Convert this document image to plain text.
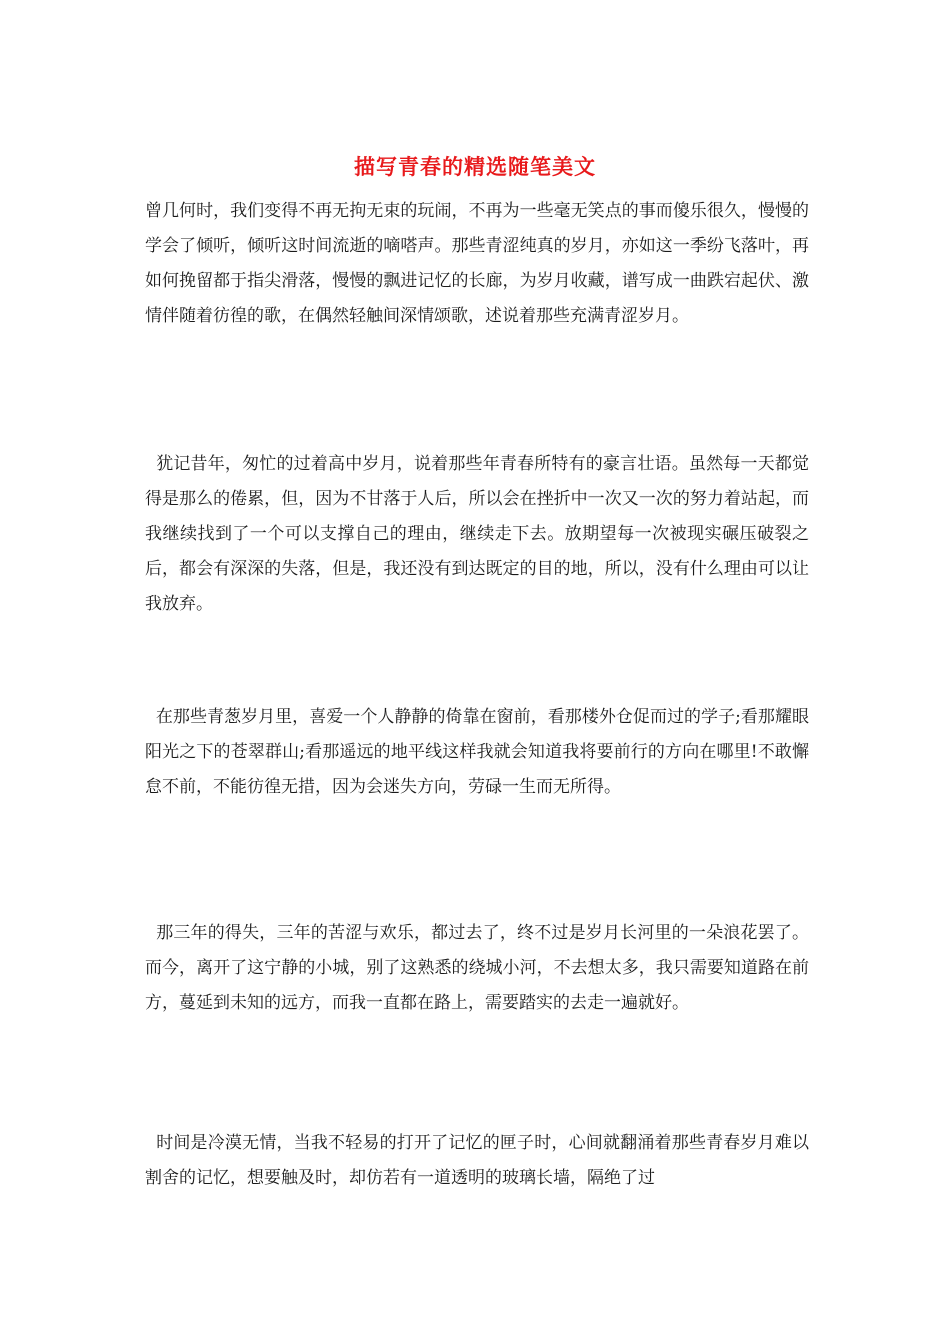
描写青春的精选随笔美文

曾几何时，我们变得不再无拘无束的玩闹，不再为一些毫无笑点的事而傻乐很久，慢慢的学会了倾听，倾听这时间流逝的嘀嗒声。那些青涩纯真的岁月，亦如这一季纷飞落叶，再如何挽留都于指尖滑落，慢慢的飘进记忆的长廊，为岁月收藏，谱写成一曲跌宕起伏、激情伴随着彷徨的歌，在偶然轻触间深情颂歌，述说着那些充满青涩岁月。

犹记昔年，匆忙的过着高中岁月，说着那些年青春所特有的豪言壮语。虽然每一天都觉得是那么的倦累，但，因为不甘落于人后，所以会在挫折中一次又一次的努力着站起，而我继续找到了一个可以支撑自己的理由，继续走下去。放期望每一次被现实碾压破裂之后，都会有深深的失落，但是，我还没有到达既定的目的地，所以，没有什么理由可以让我放弃。

在那些青葱岁月里，喜爱一个人静静的倚靠在窗前，看那楼外仓促而过的学子;看那耀眼阳光之下的苍翠群山;看那遥远的地平线这样我就会知道我将要前行的方向在哪里!不敢懈怠不前，不能彷徨无措，因为会迷失方向，劳碌一生而无所得。

那三年的得失，三年的苦涩与欢乐，都过去了，终不过是岁月长河里的一朵浪花罢了。而今，离开了这宁静的小城，别了这熟悉的绕城小河，不去想太多，我只需要知道路在前方，蔓延到未知的远方，而我一直都在路上，需要踏实的去走一遍就好。

时间是冷漠无情，当我不轻易的打开了记忆的匣子时，心间就翻涌着那些青春岁月难以割舍的记忆，想要触及时，却仿若有一道透明的玻璃长墙，隔绝了过
